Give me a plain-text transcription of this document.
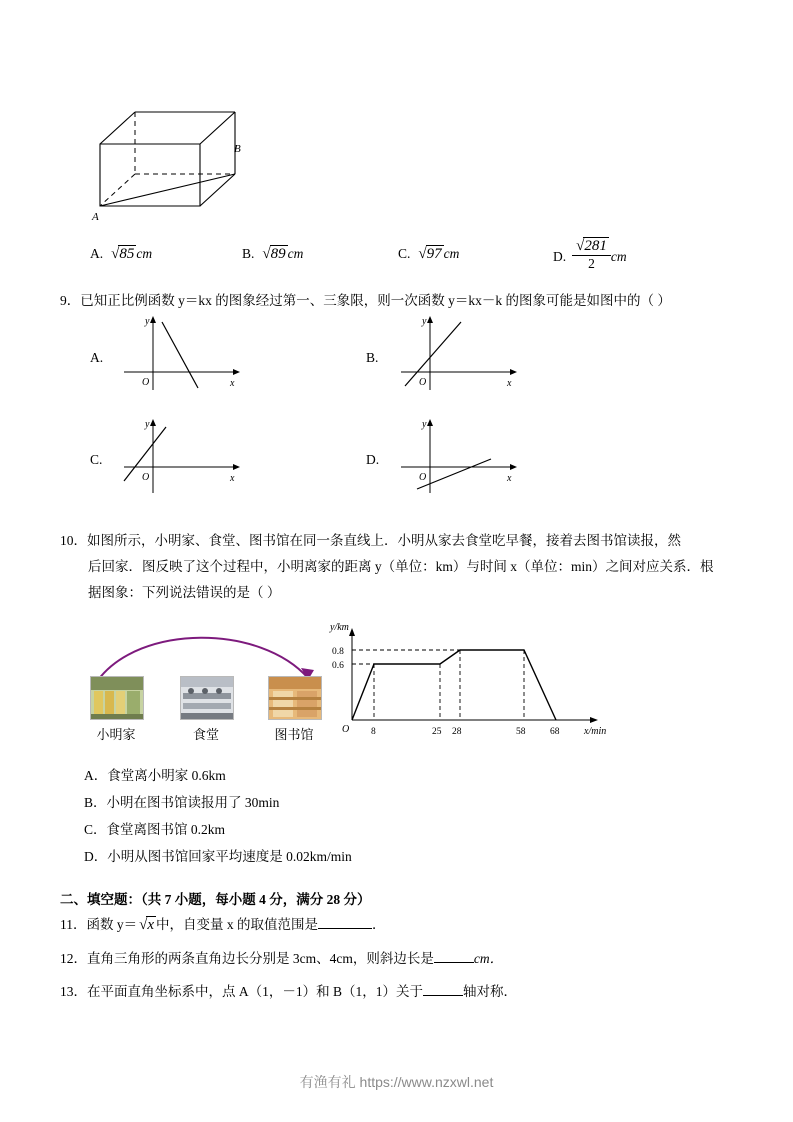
B
A
A. √85 cm	B. √89 cm	C. √97 cm	D. $\frac{√281}{2}$ cm
9．已知正比例函数 y＝kx 的图象经过第一、三象限，则一次函数 y＝kx－k 的图象可能是如图中的（ ）
y
x
O
A.
y
x
O
B.
y
x
O
C.
y
x
O
D.

10．如图所示，小明家、食堂、图书馆在同一条直线上．小明从家去食堂吃早餐，接着去图书馆读报，然

后回家．图反映了这个过程中，小明离家的距离 y（单位：km）与时间 x（单位：min）之间对应关系．根

据图象：下列说法错误的是（ ）

小明家	食堂	图书馆
y/km
x/min
O
0.8
0.6
8	25 28	58	68
A．食堂离小明家 0.6km
B．小明在图书馆读报用了 30min
C．食堂离图书馆 0.2km
D．小明从图书馆回家平均速度是 0.02km/min
二、填空题：（共 7 小题，每小题 4 分，满分 28 分）
11．函数 y＝ √x 中，自变量 x 的取值范围是	．
12．直角三角形的两条直角边长分别是 3cm、4cm，则斜边长是	cm．
13．在平面直角坐标系中，点 A（1，－1）和 B（1，1）关于	轴对称．
有渔有礼 https://www.nzxwl.net
